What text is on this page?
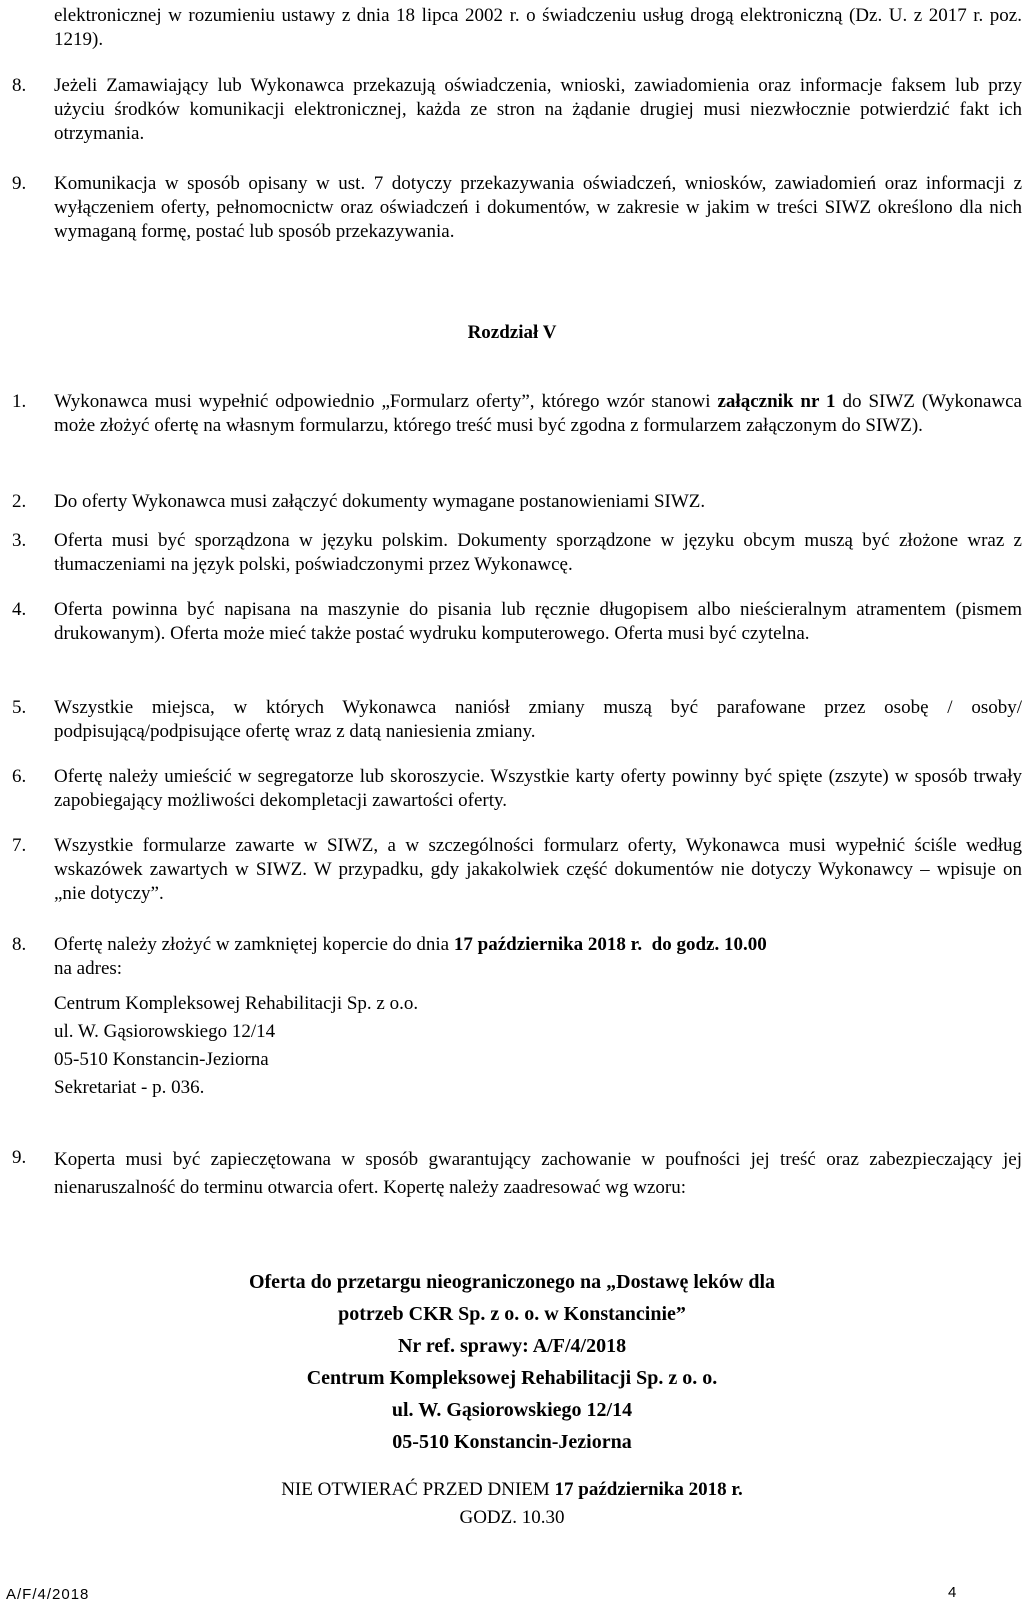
elektronicznej w rozumieniu ustawy z dnia 18 lipca 2002 r. o świadczeniu usług drogą elektroniczną (Dz. U. z 2017 r. poz. 1219).
8.	Jeżeli Zamawiający lub Wykonawca przekazują oświadczenia, wnioski, zawiadomienia oraz informacje faksem lub przy użyciu środków komunikacji elektronicznej, każda ze stron na żądanie drugiej musi niezwłocznie potwierdzić fakt ich otrzymania.
9.	Komunikacja w sposób opisany w ust. 7 dotyczy przekazywania oświadczeń, wniosków, zawiadomień oraz informacji z wyłączeniem oferty, pełnomocnictw oraz oświadczeń i dokumentów, w zakresie w jakim w treści SIWZ określono dla nich wymaganą formę, postać lub sposób przekazywania.
Rozdział V
1.	Wykonawca musi wypełnić odpowiednio „Formularz oferty”, którego wzór stanowi załącznik nr 1 do SIWZ (Wykonawca może złożyć ofertę na własnym formularzu, którego treść musi być zgodna z formularzem załączonym do SIWZ).
2.	Do oferty Wykonawca musi załączyć dokumenty wymagane postanowieniami SIWZ.
3.	Oferta musi być sporządzona w języku polskim. Dokumenty sporządzone w języku obcym muszą być złożone wraz z tłumaczeniami na język polski, poświadczonymi przez Wykonawcę.
4.	Oferta powinna być napisana na maszynie do pisania lub ręcznie długopisem albo nieścieralnym atramentem (pismem drukowanym). Oferta może mieć także postać wydruku komputerowego. Oferta musi być czytelna.
5.	Wszystkie miejsca, w których Wykonawca naniósł zmiany muszą być parafowane przez osobę / osoby/ podpisującą/podpisujące ofertę wraz z datą naniesienia zmiany.
6.	Ofertę należy umieścić w segregatorze lub skoroszycie. Wszystkie karty oferty powinny być spięte (zszyte) w sposób trwały zapobiegający możliwości dekompletacji zawartości oferty.
7.	Wszystkie formularze zawarte w SIWZ, a w szczególności formularz oferty, Wykonawca musi wypełnić ściśle według wskazówek zawartych w SIWZ. W przypadku, gdy jakakolwiek część dokumentów nie dotyczy Wykonawcy – wpisuje on „nie dotyczy”.
8.	Ofertę należy złożyć w zamkniętej kopercie do dnia 17 października 2018 r. do godz. 10.00
na adres:
Centrum Kompleksowej Rehabilitacji Sp. z o.o.
ul. W. Gąsiorowskiego 12/14
05-510 Konstancin-Jeziorna
Sekretariat - p. 036.
9.	Koperta musi być zapieczętowana w sposób gwarantujący zachowanie w poufności jej treść oraz zabezpieczający jej nienaruszalność do terminu otwarcia ofert. Kopertę należy zaadresować wg wzoru:
Oferta do przetargu nieograniczonego na „Dostawę leków dla
potrzeb CKR Sp. z o. o. w Konstancinie”
Nr ref. sprawy: A/F/4/2018
Centrum Kompleksowej Rehabilitacji Sp. z o. o.
ul. W. Gąsiorowskiego 12/14
05-510 Konstancin-Jeziorna
NIE OTWIERAĆ PRZED DNIEM 17 października 2018 r.
GODZ. 10.30
A/F/4/2018	4
